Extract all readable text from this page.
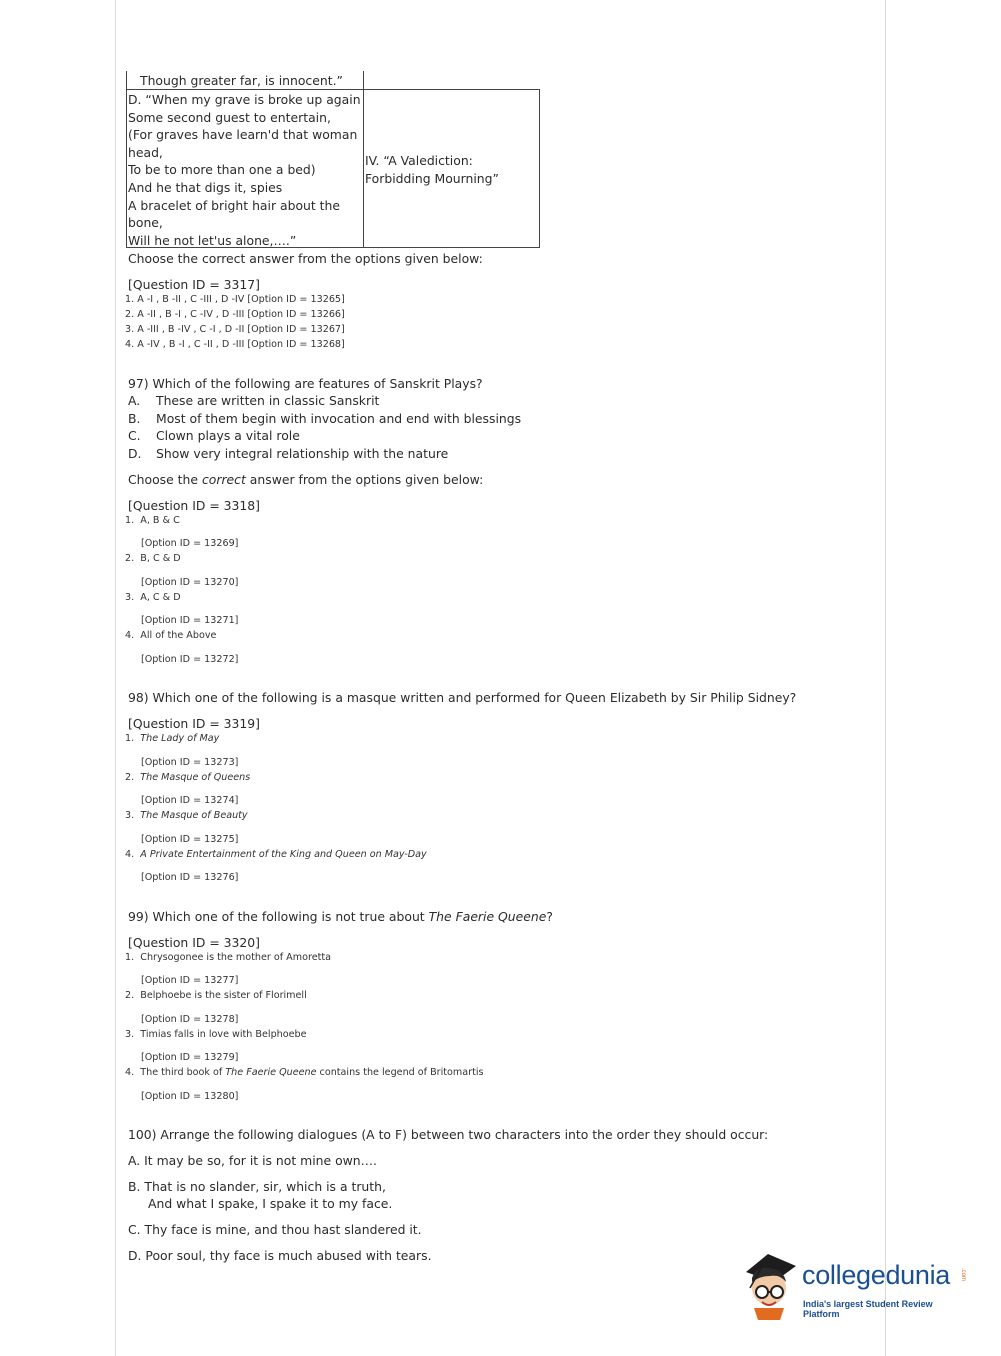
Though greater far, is innocent.”
D. “When my grave is broke up again
Some second guest to entertain,
(For graves have learn'd that woman
head,
To be to more than one a bed)
And he that digs it, spies
A bracelet of bright hair about the
bone,
Will he not let'us alone,….”
IV. “A Valediction:
Forbidding Mourning”
Choose the correct answer from the options given below:
[Question ID = 3317]
1. A -I , B -II , C -III , D -IV [Option ID = 13265]
2. A -II , B -I , C -IV , D -III [Option ID = 13266]
3. A -III , B -IV , C -I , D -II [Option ID = 13267]
4. A -IV , B -I , C -II , D -III [Option ID = 13268]
97) Which of the following are features of Sanskrit Plays?
A. These are written in classic Sanskrit
B. Most of them begin with invocation and end with blessings
C. Clown plays a vital role
D. Show very integral relationship with the nature
Choose the correct answer from the options given below:
[Question ID = 3318]
1. A, B & C
[Option ID = 13269]
2. B, C & D
[Option ID = 13270]
3. A, C & D
[Option ID = 13271]
4. All of the Above
[Option ID = 13272]
98) Which one of the following is a masque written and performed for Queen Elizabeth by Sir Philip Sidney?
[Question ID = 3319]
1. The Lady of May
[Option ID = 13273]
2. The Masque of Queens
[Option ID = 13274]
3. The Masque of Beauty
[Option ID = 13275]
4. A Private Entertainment of the King and Queen on May-Day
[Option ID = 13276]
99) Which one of the following is not true about The Faerie Queene?
[Question ID = 3320]
1. Chrysogonee is the mother of Amoretta
[Option ID = 13277]
2. Belphoebe is the sister of Florimell
[Option ID = 13278]
3. Timias falls in love with Belphoebe
[Option ID = 13279]
4. The third book of The Faerie Queene contains the legend of Britomartis
[Option ID = 13280]
100) Arrange the following dialogues (A to F) between two characters into the order they should occur:
A. It may be so, for it is not mine own….
B. That is no slander, sir, which is a truth,
And what I spake, I spake it to my face.
C. Thy face is mine, and thou hast slandered it.
D. Poor soul, thy face is much abused with tears.
collegedunia .com
India's largest Student Review Platform
